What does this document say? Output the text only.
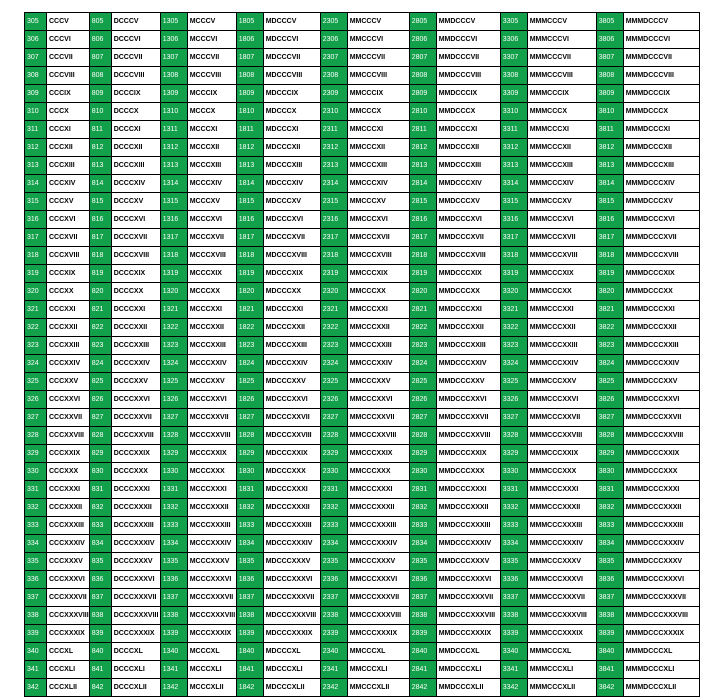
305	CCCV	805	DCCCV	1305	MCCCV	1805	MDCCCV	2305	MMCCCV	2805	MMDCCCV	3305	MMMCCCV	3805	MMMDCCCV
306	CCCVI	806	DCCCVI	1306	MCCCVI	1806	MDCCCVI	2306	MMCCCVI	2806	MMDCCCVI	3306	MMMCCCVI	3806	MMMDCCCVI
307	CCCVII	807	DCCCVII	1307	MCCCVII	1807	MDCCCVII	2307	MMCCCVII	2807	MMDCCCVII	3307	MMMCCCVII	3807	MMMDCCCVII
308	CCCVIII	808	DCCCVIII	1308	MCCCVIII	1808	MDCCCVIII	2308	MMCCCVIII	2808	MMDCCCVIII	3308	MMMCCCVIII	3808	MMMDCCCVIII
309	CCCIX	809	DCCCIX	1309	MCCCIX	1809	MDCCCIX	2309	MMCCCIX	2809	MMDCCCIX	3309	MMMCCCIX	3809	MMMDCCCIX
310	CCCX	810	DCCCX	1310	MCCCX	1810	MDCCCX	2310	MMCCCX	2810	MMDCCCX	3310	MMMCCCX	3810	MMMDCCCX
311	CCCXI	811	DCCCXI	1311	MCCCXI	1811	MDCCCXI	2311	MMCCCXI	2811	MMDCCCXI	3311	MMMCCCXI	3811	MMMDCCCXI
312	CCCXII	812	DCCCXII	1312	MCCCXII	1812	MDCCCXII	2312	MMCCCXII	2812	MMDCCCXII	3312	MMMCCCXII	3812	MMMDCCCXII
313	CCCXIII	813	DCCCXIII	1313	MCCCXIII	1813	MDCCCXIII	2313	MMCCCXIII	2813	MMDCCCXIII	3313	MMMCCCXIII	3813	MMMDCCCXIII
314	CCCXIV	814	DCCCXIV	1314	MCCCXIV	1814	MDCCCXIV	2314	MMCCCXIV	2814	MMDCCCXIV	3314	MMMCCCXIV	3814	MMMDCCCXIV
315	CCCXV	815	DCCCXV	1315	MCCCXV	1815	MDCCCXV	2315	MMCCCXV	2815	MMDCCCXV	3315	MMMCCCXV	3815	MMMDCCCXV
316	CCCXVI	816	DCCCXVI	1316	MCCCXVI	1816	MDCCCXVI	2316	MMCCCXVI	2816	MMDCCCXVI	3316	MMMCCCXVI	3816	MMMDCCCXVI
317	CCCXVII	817	DCCCXVII	1317	MCCCXVII	1817	MDCCCXVII	2317	MMCCCXVII	2817	MMDCCCXVII	3317	MMMCCCXVII	3817	MMMDCCCXVII
318	CCCXVIII	818	DCCCXVIII	1318	MCCCXVIII	1818	MDCCCXVIII	2318	MMCCCXVIII	2818	MMDCCCXVIII	3318	MMMCCCXVIII	3818	MMMDCCCXVIII
319	CCCXIX	819	DCCCXIX	1319	MCCCXIX	1819	MDCCCXIX	2319	MMCCCXIX	2819	MMDCCCXIX	3319	MMMCCCXIX	3819	MMMDCCCXIX
320	CCCXX	820	DCCCXX	1320	MCCCXX	1820	MDCCCXX	2320	MMCCCXX	2820	MMDCCCXX	3320	MMMCCCXX	3820	MMMDCCCXX
321	CCCXXI	821	DCCCXXI	1321	MCCCXXI	1821	MDCCCXXI	2321	MMCCCXXI	2821	MMDCCCXXI	3321	MMMCCCXXI	3821	MMMDCCCXXI
322	CCCXXII	822	DCCCXXII	1322	MCCCXXII	1822	MDCCCXXII	2322	MMCCCXXII	2822	MMDCCCXXII	3322	MMMCCCXXII	3822	MMMDCCCXXII
323	CCCXXIII	823	DCCCXXIII	1323	MCCCXXIII	1823	MDCCCXXIII	2323	MMCCCXXIII	2823	MMDCCCXXIII	3323	MMMCCCXXIII	3823	MMMDCCCXXIII
324	CCCXXIV	824	DCCCXXIV	1324	MCCCXXIV	1824	MDCCCXXIV	2324	MMCCCXXIV	2824	MMDCCCXXIV	3324	MMMCCCXXIV	3824	MMMDCCCXXIV
325	CCCXXV	825	DCCCXXV	1325	MCCCXXV	1825	MDCCCXXV	2325	MMCCCXXV	2825	MMDCCCXXV	3325	MMMCCCXXV	3825	MMMDCCCXXV
326	CCCXXVI	826	DCCCXXVI	1326	MCCCXXVI	1826	MDCCCXXVI	2326	MMCCCXXVI	2826	MMDCCCXXVI	3326	MMMCCCXXVI	3826	MMMDCCCXXVI
327	CCCXXVII	827	DCCCXXVII	1327	MCCCXXVII	1827	MDCCCXXVII	2327	MMCCCXXVII	2827	MMDCCCXXVII	3327	MMMCCCXXVII	3827	MMMDCCCXXVII
328	CCCXXVIII	828	DCCCXXVIII	1328	MCCCXXVIII	1828	MDCCCXXVIII	2328	MMCCCXXVIII	2828	MMDCCCXXVIII	3328	MMMCCCXXVIII	3828	MMMDCCCXXVIII
329	CCCXXIX	829	DCCCXXIX	1329	MCCCXXIX	1829	MDCCCXXIX	2329	MMCCCXXIX	2829	MMDCCCXXIX	3329	MMMCCCXXIX	3829	MMMDCCCXXIX
330	CCCXXX	830	DCCCXXX	1330	MCCCXXX	1830	MDCCCXXX	2330	MMCCCXXX	2830	MMDCCCXXX	3330	MMMCCCXXX	3830	MMMDCCCXXX
331	CCCXXXI	831	DCCCXXXI	1331	MCCCXXXI	1831	MDCCCXXXI	2331	MMCCCXXXI	2831	MMDCCCXXXI	3331	MMMCCCXXXI	3831	MMMDCCCXXXI
332	CCCXXXII	832	DCCCXXXII	1332	MCCCXXXII	1832	MDCCCXXXII	2332	MMCCCXXXII	2832	MMDCCCXXXII	3332	MMMCCCXXXII	3832	MMMDCCCXXXII
333	CCCXXXIII	833	DCCCXXXIII	1333	MCCCXXXIII	1833	MDCCCXXXIII	2333	MMCCCXXXIII	2833	MMDCCCXXXIII	3333	MMMCCCXXXIII	3833	MMMDCCCXXXIII
334	CCCXXXIV	834	DCCCXXXIV	1334	MCCCXXXIV	1834	MDCCCXXXIV	2334	MMCCCXXXIV	2834	MMDCCCXXXIV	3334	MMMCCCXXXIV	3834	MMMDCCCXXXIV
335	CCCXXXV	835	DCCCXXXV	1335	MCCCXXXV	1835	MDCCCXXXV	2335	MMCCCXXXV	2835	MMDCCCXXXV	3335	MMMCCCXXXV	3835	MMMDCCCXXXV
336	CCCXXXVI	836	DCCCXXXVI	1336	MCCCXXXVI	1836	MDCCCXXXVI	2336	MMCCCXXXVI	2836	MMDCCCXXXVI	3336	MMMCCCXXXVI	3836	MMMDCCCXXXVI
337	CCCXXXVII	837	DCCCXXXVII	1337	MCCCXXXVII	1837	MDCCCXXXVII	2337	MMCCCXXXVII	2837	MMDCCCXXXVII	3337	MMMCCCXXXVII	3837	MMMDCCCXXXVII
338	CCCXXXVIII	838	DCCCXXXVIII	1338	MCCCXXXVIII	1838	MDCCCXXXVIII	2338	MMCCCXXXVIII	2838	MMDCCCXXXVIII	3338	MMMCCCXXXVIII	3838	MMMDCCCXXXVIII
339	CCCXXXIX	839	DCCCXXXIX	1339	MCCCXXXIX	1839	MDCCCXXXIX	2339	MMCCCXXXIX	2839	MMDCCCXXXIX	3339	MMMCCCXXXIX	3839	MMMDCCCXXXIX
340	CCCXL	840	DCCCXL	1340	MCCCXL	1840	MDCCCXL	2340	MMCCCXL	2840	MMDCCCXL	3340	MMMCCCXL	3840	MMMDCCCXL
341	CCCXLI	841	DCCCXLI	1341	MCCCXLI	1841	MDCCCXLI	2341	MMCCCXLI	2841	MMDCCCXLI	3341	MMMCCCXLI	3841	MMMDCCCXLI
342	CCCXLII	842	DCCCXLII	1342	MCCCXLII	1842	MDCCCXLII	2342	MMCCCXLII	2842	MMDCCCXLII	3342	MMMCCCXLII	3842	MMMDCCCXLII
